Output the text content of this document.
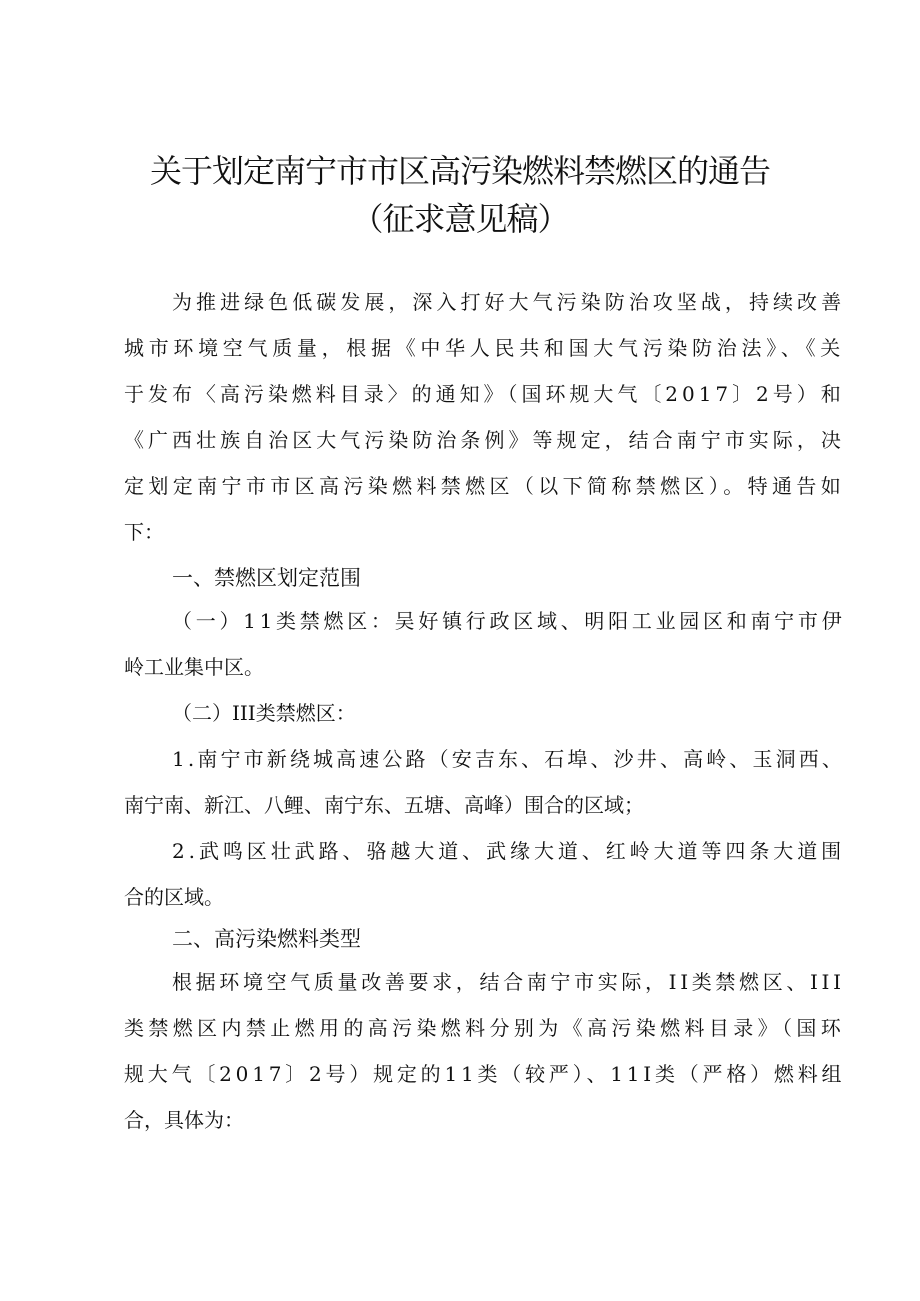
关于划定南宁市市区高污染燃料禁燃区的通告
（征求意见稿）
为推进绿色低碳发展，深入打好大气污染防治攻坚战，持续改善
城市环境空气质量，根据《中华人民共和国大气污染防治法》、《关
于发布〈高污染燃料目录〉的通知》（国环规大气〔2017〕2号）和
《广西壮族自治区大气污染防治条例》等规定，结合南宁市实际，决
定划定南宁市市区高污染燃料禁燃区（以下简称禁燃区）。特通告如
下：
一、禁燃区划定范围
（一）11类禁燃区：吴好镇行政区域、明阳工业园区和南宁市伊
岭工业集中区。
（二）III类禁燃区：
1.南宁市新绕城高速公路（安吉东、石埠、沙井、高岭、玉洞西、
南宁南、新江、八鲤、南宁东、五塘、高峰）围合的区域；
2.武鸣区壮武路、骆越大道、武缘大道、红岭大道等四条大道围
合的区域。
二、高污染燃料类型
根据环境空气质量改善要求，结合南宁市实际，II类禁燃区、III
类禁燃区内禁止燃用的高污染燃料分别为《高污染燃料目录》（国环
规大气〔2017〕2号）规定的11类（较严）、11I类（严格）燃料组
合，具体为：
